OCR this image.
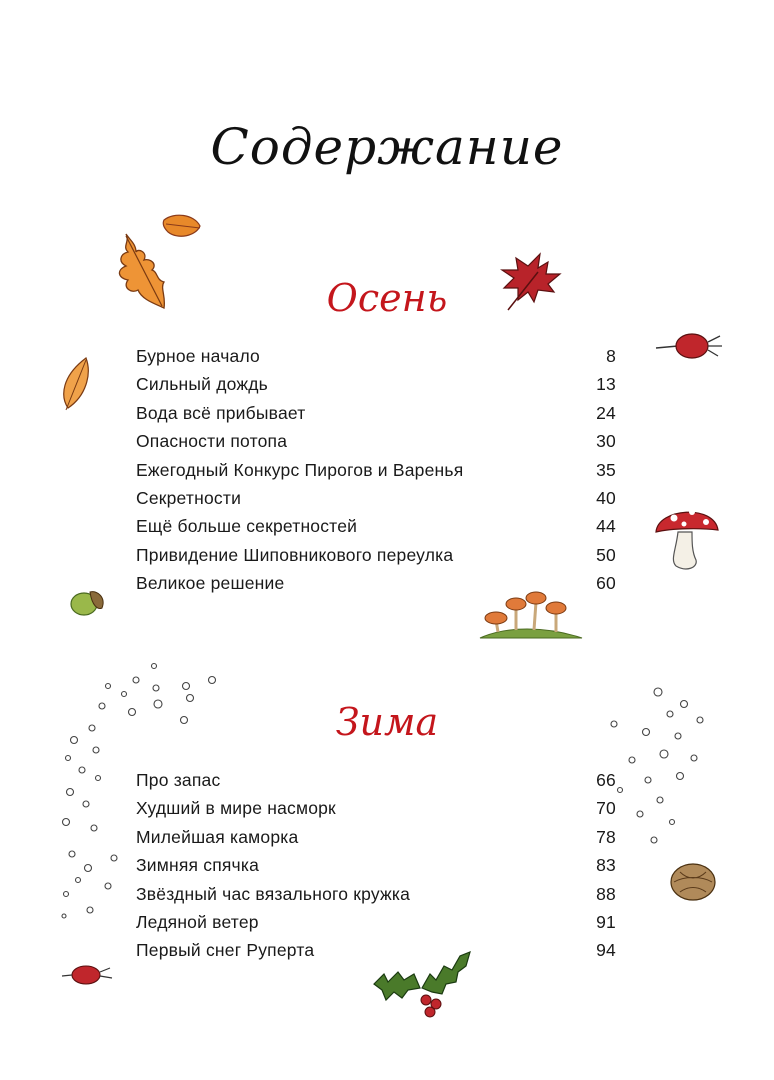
Содержание
Осень
Бурное начало	8
Сильный дождь	13
Вода всё прибывает	24
Опасности потопа	30
Ежегодный Конкурс Пирогов и Варенья	35
Секретности	40
Ещё больше секретностей	44
Привидение Шиповникового переулка	50
Великое решение	60
Зима
Про запас	66
Худший в мире насморк	70
Милейшая каморка	78
Зимняя спячка	83
Звёздный час вязального кружка	88
Ледяной ветер	91
Первый снег Руперта	94
